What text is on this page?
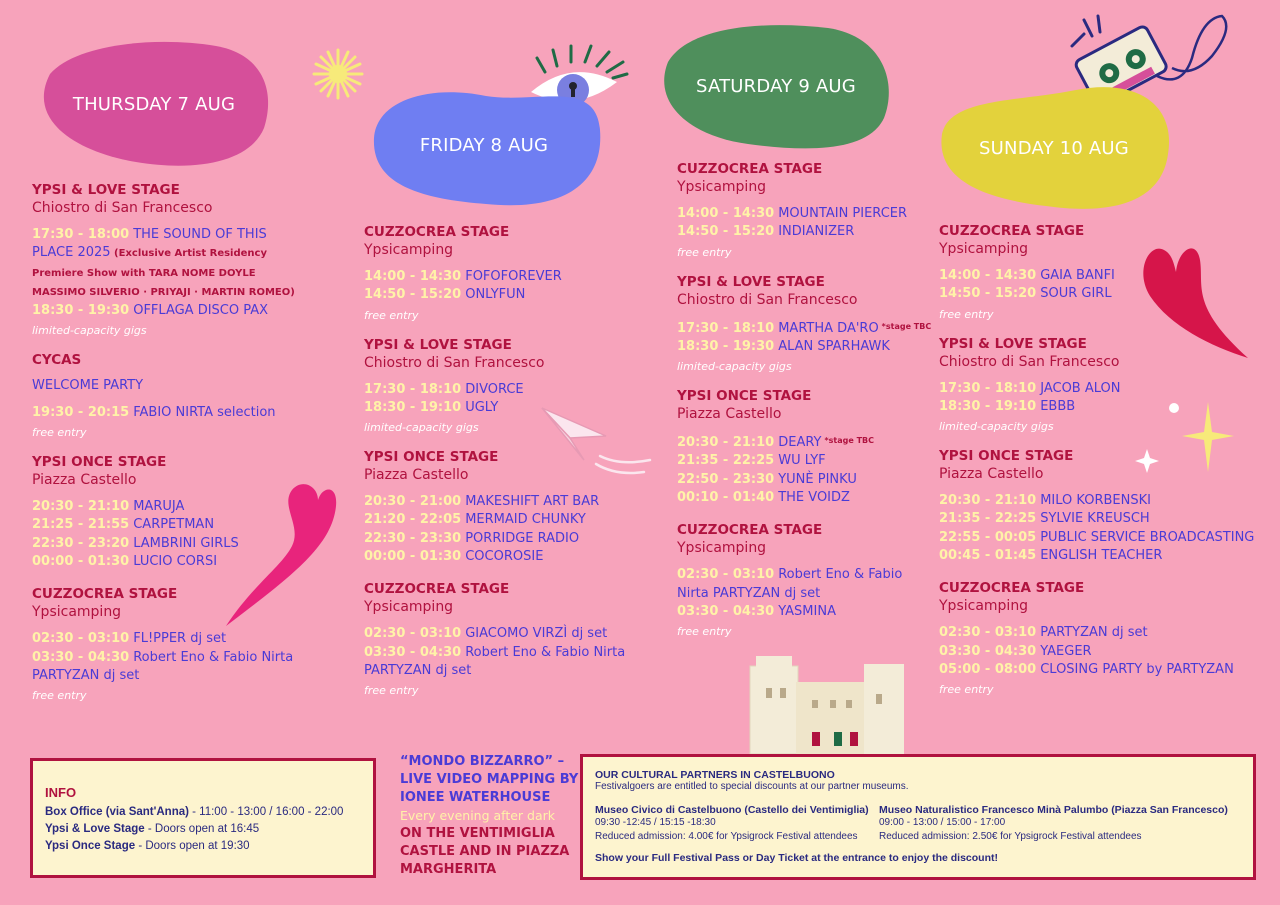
THURSDAY 7 AUG
FRIDAY 8 AUG
SATURDAY 9 AUG
SUNDAY 10 AUG
YPSI & LOVE STAGE
Chiostro di San Francesco
17:30 - 18:00 THE SOUND OF THIS PLACE 2025 (Exclusive Artist Residency Premiere Show with TARA NOME DOYLE MASSIMO SILVERIO · PRIYAJI · MARTIN ROMEO)
18:30 - 19:30 OFFLAGA DISCO PAX
limited-capacity gigs
CYCAS
WELCOME PARTY
19:30 - 20:15 FABIO NIRTA selection
free entry
YPSI ONCE STAGE
Piazza Castello
20:30 - 21:10 MARUJA
21:25 - 21:55 CARPETMAN
22:30 - 23:20 LAMBRINI GIRLS
00:00 - 01:30 LUCIO CORSI
CUZZOCREA STAGE
Ypsicamping
02:30 - 03:10 FL!PPER dj set
03:30 - 04:30 Robert Eno & Fabio Nirta PARTYZAN dj set
free entry
CUZZOCREA STAGE
Ypsicamping
14:00 - 14:30 FOFOFOREVER
14:50 - 15:20 ONLYFUN
free entry
YPSI & LOVE STAGE
Chiostro di San Francesco
17:30 - 18:10 DIVORCE
18:30 - 19:10 UGLY
limited-capacity gigs
YPSI ONCE STAGE
Piazza Castello
20:30 - 21:00 MAKESHIFT ART BAR
21:20 - 22:05 MERMAID CHUNKY
22:30 - 23:30 PORRIDGE RADIO
00:00 - 01:30 COCOROSIE
CUZZOCREA STAGE
Ypsicamping
02:30 - 03:10 GIACOMO VIRZÌ dj set
03:30 - 04:30 Robert Eno & Fabio Nirta PARTYZAN dj set
free entry
CUZZOCREA STAGE
Ypsicamping
14:00 - 14:30 MOUNTAIN PIERCER
14:50 - 15:20 INDIANIZER
free entry
YPSI & LOVE STAGE
Chiostro di San Francesco
17:30 - 18:10 MARTHA DA'RO $^{*stage TBC}$
18:30 - 19:30 ALAN SPARHAWK
limited-capacity gigs
YPSI ONCE STAGE
Piazza Castello
20:30 - 21:10 DEARY $^{*stage TBC}$
21:35 - 22:25 WU LYF
22:50 - 23:30 YUNÈ PINKU
00:10 - 01:40 THE VOIDZ
CUZZOCREA STAGE
Ypsicamping
02:30 - 03:10 Robert Eno & Fabio Nirta PARTYZAN dj set
03:30 - 04:30 YASMINA
free entry
CUZZOCREA STAGE
Ypsicamping
14:00 - 14:30 GAIA BANFI
14:50 - 15:20 SOUR GIRL
free entry
YPSI & LOVE STAGE
Chiostro di San Francesco
17:30 - 18:10 JACOB ALON
18:30 - 19:10 EBBB
limited-capacity gigs
YPSI ONCE STAGE
Piazza Castello
20:30 - 21:10 MILO KORBENSKI
21:35 - 22:25 SYLVIE KREUSCH
22:55 - 00:05 PUBLIC SERVICE BROADCASTING
00:45 - 01:45 ENGLISH TEACHER
CUZZOCREA STAGE
Ypsicamping
02:30 - 03:10 PARTYZAN dj set
03:30 - 04:30 YAEGER
05:00 - 08:00 CLOSING PARTY by PARTYZAN
free entry
INFO
Box Office (via Sant'Anna) - 11:00 - 13:00 / 16:00 - 22:00
Ypsi & Love Stage - Doors open at 16:45
Ypsi Once Stage - Doors open at 19:30
“MONDO BIZZARRO” – LIVE VIDEO MAPPING BY IONEE WATERHOUSE
Every evening after dark
ON THE VENTIMIGLIA CASTLE AND IN PIAZZA MARGHERITA
OUR CULTURAL PARTNERS IN CASTELBUONO
Festivalgoers are entitled to special discounts at our partner museums.
Museo Civico di Castelbuono (Castello dei Ventimiglia)
09:30 -12:45 / 15:15 -18:30
Reduced admission: 4.00€ for Ypsigrock Festival attendees
Museo Naturalistico Francesco Minà Palumbo (Piazza San Francesco)
09:00 - 13:00 / 15:00 - 17:00
Reduced admission: 2.50€ for Ypsigrock Festival attendees
Show your Full Festival Pass or Day Ticket at the entrance to enjoy the discount!
